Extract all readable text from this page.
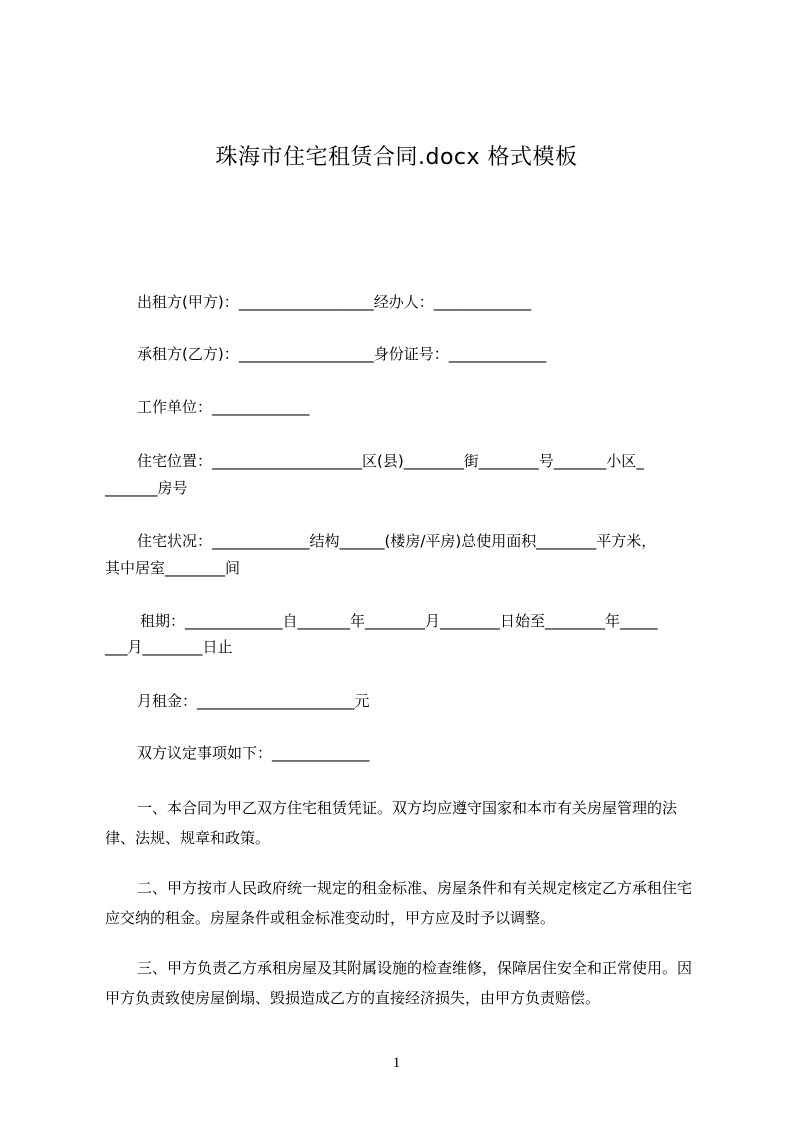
珠海市住宅租赁合同.docx 格式模板
出租方(甲方)：__________________经办人：_____________
承租方(乙方)：__________________身份证号：_____________
工作单位：_____________
住宅位置：____________________区(县)________街________号_______小区_
_______房号
住宅状况：_____________结构______(楼房/平房)总使用面积________平方米，
其中居室________间
租期：_____________自_______年________月________日始至________年_____
___月________日止
月租金：_____________________元
双方议定事项如下：_____________
一、本合同为甲乙双方住宅租赁凭证。双方均应遵守国家和本市有关房屋管理的法律、法规、规章和政策。
二、甲方按市人民政府统一规定的租金标准、房屋条件和有关规定核定乙方承租住宅应交纳的租金。房屋条件或租金标准变动时，甲方应及时予以调整。
三、甲方负责乙方承租房屋及其附属设施的检查维修，保障居住安全和正常使用。因甲方负责致使房屋倒塌、毁损造成乙方的直接经济损失，由甲方负责赔偿。
1
